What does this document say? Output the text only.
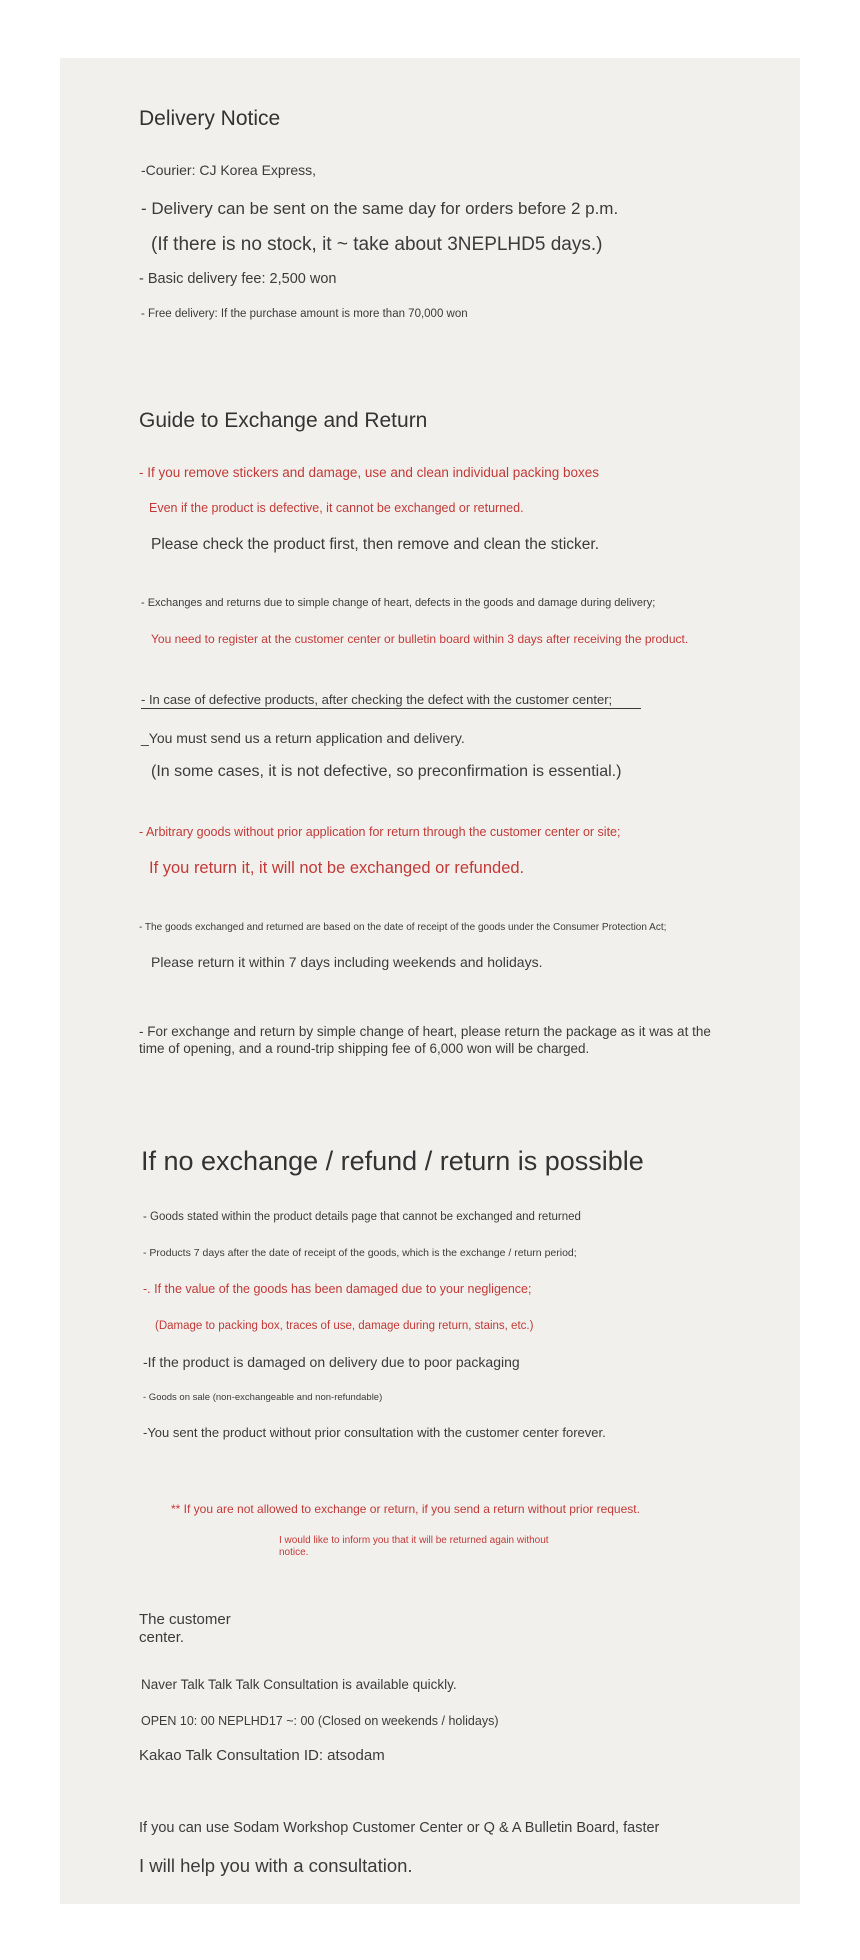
Delivery Notice
-Courier: CJ Korea Express,
- Delivery can be sent on the same day for orders before 2 p.m.
(If there is no stock, it ~ take about 3NEPLHD5 days.)
- Basic delivery fee: 2,500 won
- Free delivery: If the purchase amount is more than 70,000 won
Guide to Exchange and Return
- If you remove stickers and damage, use and clean individual packing boxes
Even if the product is defective, it cannot be exchanged or returned.
Please check the product first, then remove and clean the sticker.
- Exchanges and returns due to simple change of heart, defects in the goods and damage during delivery;
You need to register at the customer center or bulletin board within 3 days after receiving the product.
- In case of defective products, after checking the defect with the customer center;
_You must send us a return application and delivery.
(In some cases, it is not defective, so preconfirmation is essential.)
- Arbitrary goods without prior application for return through the customer center or site;
If you return it, it will not be exchanged or refunded.
- The goods exchanged and returned are based on the date of receipt of the goods under the Consumer Protection Act;
Please return it within 7 days including weekends and holidays.
- For exchange and return by simple change of heart, please return the package as it was at the time of opening, and a round-trip shipping fee of 6,000 won will be charged.
If no exchange / refund / return is possible
- Goods stated within the product details page that cannot be exchanged and returned
- Products 7 days after the date of receipt of the goods, which is the exchange / return period;
-. If the value of the goods has been damaged due to your negligence;
(Damage to packing box, traces of use, damage during return, stains, etc.)
-If the product is damaged on delivery due to poor packaging
- Goods on sale (non-exchangeable and non-refundable)
-You sent the product without prior consultation with the customer center forever.
** If you are not allowed to exchange or return, if you send a return without prior request.
I would like to inform you that it will be returned again without notice.
The customer center.
Naver Talk Talk Talk Consultation is available quickly.
OPEN 10: 00 NEPLHD17 ~: 00 (Closed on weekends / holidays)
Kakao Talk Consultation ID: atsodam
If you can use Sodam Workshop Customer Center or Q & A Bulletin Board, faster
I will help you with a consultation.
